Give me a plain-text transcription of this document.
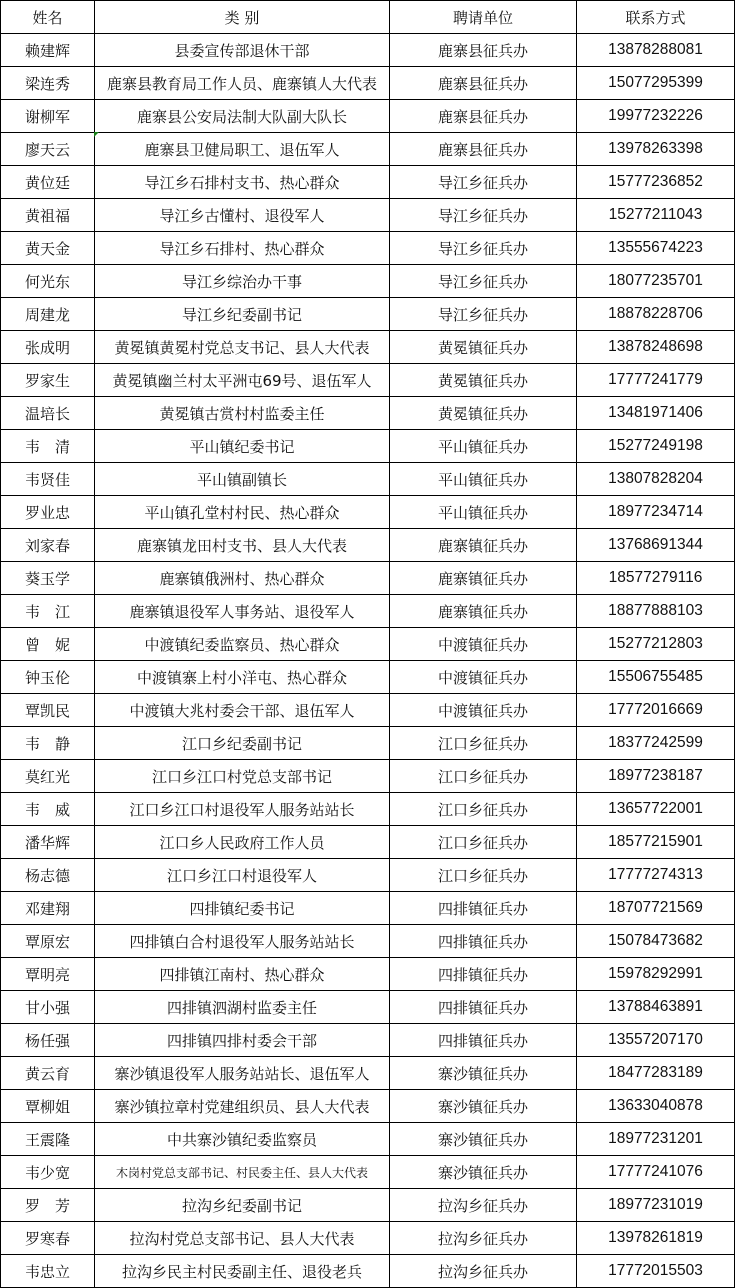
姓名	类 别	聘请单位	联系方式
赖建辉	县委宣传部退休干部	鹿寨县征兵办	13878288081
梁连秀	鹿寨县教育局工作人员、鹿寨镇人大代表	鹿寨县征兵办	15077295399
谢柳军	鹿寨县公安局法制大队副大队长	鹿寨县征兵办	19977232226
廖天云	鹿寨县卫健局职工、退伍军人	鹿寨县征兵办	13978263398
黄位廷	导江乡石排村支书、热心群众	导江乡征兵办	15777236852
黄祖福	导江乡古懂村、退役军人	导江乡征兵办	15277211043
黄天金	导江乡石排村、热心群众	导江乡征兵办	13555674223
何光东	导江乡综治办干事	导江乡征兵办	18077235701
周建龙	导江乡纪委副书记	导江乡征兵办	18878228706
张成明	黄冕镇黄冕村党总支书记、县人大代表	黄冕镇征兵办	13878248698
罗家生	黄冕镇幽兰村太平洲屯69号、退伍军人	黄冕镇征兵办	17777241779
温培长	黄冕镇古赏村村监委主任	黄冕镇征兵办	13481971406
韦　清	平山镇纪委书记	平山镇征兵办	15277249198
韦贤佳	平山镇副镇长	平山镇征兵办	13807828204
罗业忠	平山镇孔堂村村民、热心群众	平山镇征兵办	18977234714
刘家春	鹿寨镇龙田村支书、县人大代表	鹿寨镇征兵办	13768691344
葵玉学	鹿寨镇俄洲村、热心群众	鹿寨镇征兵办	18577279116
韦　江	鹿寨镇退役军人事务站、退役军人	鹿寨镇征兵办	18877888103
曾　妮	中渡镇纪委监察员、热心群众	中渡镇征兵办	15277212803
钟玉伦	中渡镇寨上村小洋屯、热心群众	中渡镇征兵办	15506755485
覃凯民	中渡镇大兆村委会干部、退伍军人	中渡镇征兵办	17772016669
韦　静	江口乡纪委副书记	江口乡征兵办	18377242599
莫红光	江口乡江口村党总支部书记	江口乡征兵办	18977238187
韦　威	江口乡江口村退役军人服务站站长	江口乡征兵办	13657722001
潘华辉	江口乡人民政府工作人员	江口乡征兵办	18577215901
杨志德	江口乡江口村退役军人	江口乡征兵办	17777274313
邓建翔	四排镇纪委书记	四排镇征兵办	18707721569
覃原宏	四排镇白合村退役军人服务站站长	四排镇征兵办	15078473682
覃明亮	四排镇江南村、热心群众	四排镇征兵办	15978292991
甘小强	四排镇泗湖村监委主任	四排镇征兵办	13788463891
杨任强	四排镇四排村委会干部	四排镇征兵办	13557207170
黄云育	寨沙镇退役军人服务站站长、退伍军人	寨沙镇征兵办	18477283189
覃柳姐	寨沙镇拉章村党建组织员、县人大代表	寨沙镇征兵办	13633040878
王震隆	中共寨沙镇纪委监察员	寨沙镇征兵办	18977231201
韦少宽	木岗村党总支部书记、村民委主任、县人大代表	寨沙镇征兵办	17777241076
罗　芳	拉沟乡纪委副书记	拉沟乡征兵办	18977231019
罗寒春	拉沟村党总支部书记、县人大代表	拉沟乡征兵办	13978261819
韦忠立	拉沟乡民主村民委副主任、退役老兵	拉沟乡征兵办	17772015503
